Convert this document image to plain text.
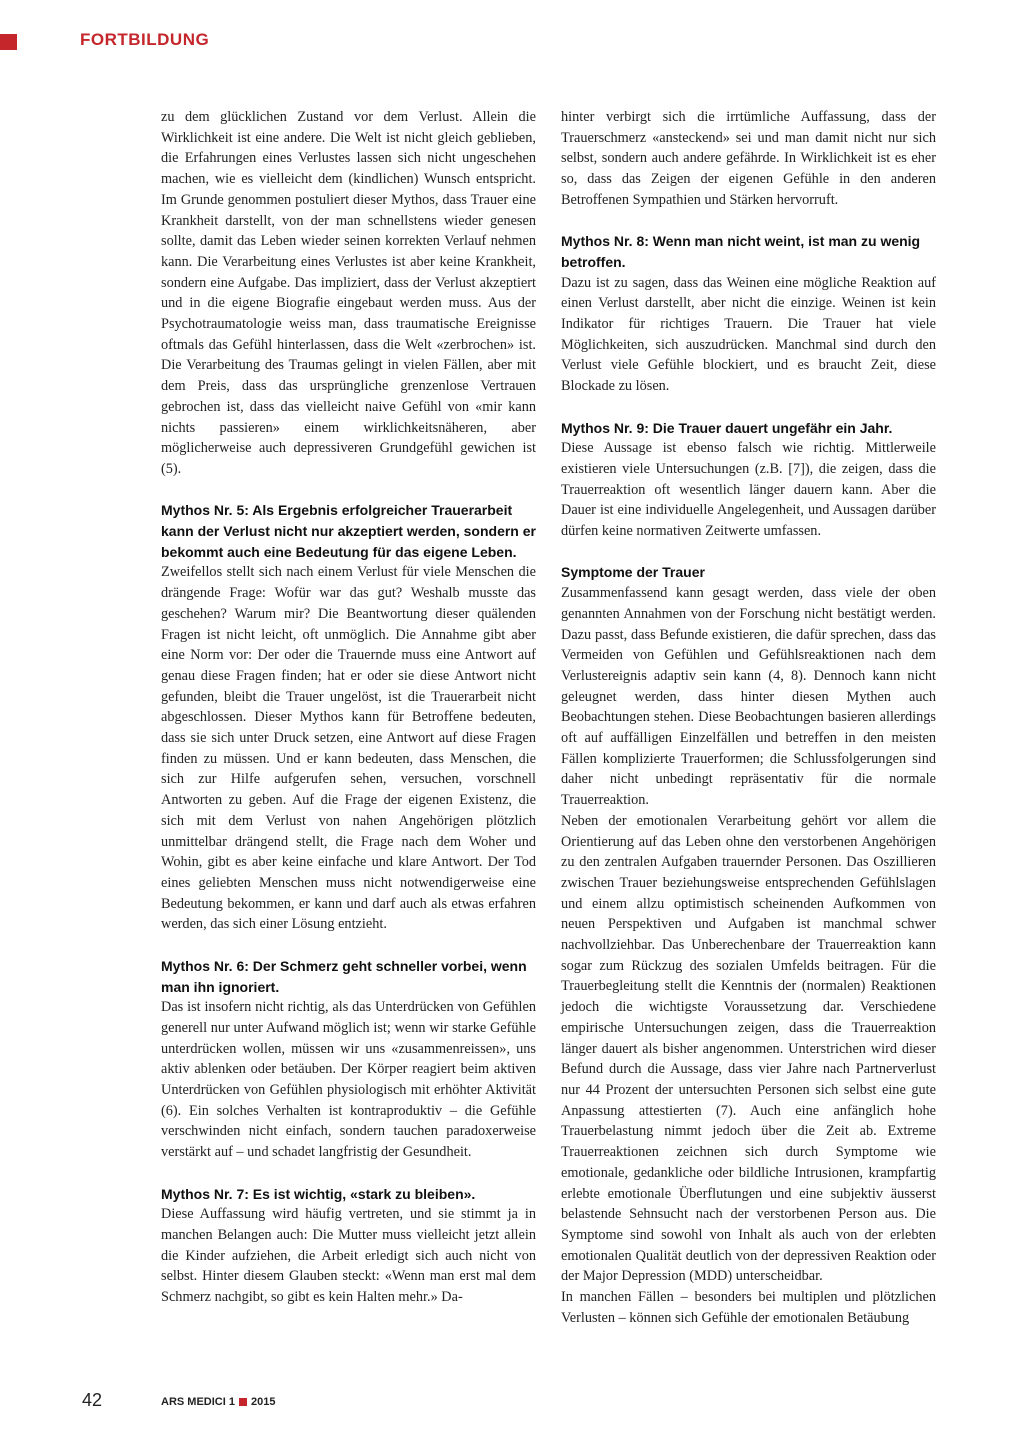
FORTBILDUNG

zu dem glücklichen Zustand vor dem Verlust. Allein die Wirklichkeit ist eine andere. Die Welt ist nicht gleich geblieben, die Erfahrungen eines Verlustes lassen sich nicht ungeschehen machen, wie es vielleicht dem (kindlichen) Wunsch entspricht. Im Grunde genommen postuliert dieser Mythos, dass Trauer eine Krankheit darstellt, von der man schnellstens wieder genesen sollte, damit das Leben wieder seinen korrekten Verlauf nehmen kann. Die Verarbeitung eines Verlustes ist aber keine Krankheit, sondern eine Aufgabe. Das impliziert, dass der Verlust akzeptiert und in die eigene Biografie eingebaut werden muss. Aus der Psychotraumatologie weiss man, dass traumatische Ereignisse oftmals das Gefühl hinterlassen, dass die Welt «zerbrochen» ist. Die Verarbeitung des Traumas gelingt in vielen Fällen, aber mit dem Preis, dass das ursprüngliche grenzenlose Vertrauen gebrochen ist, dass das vielleicht naive Gefühl von «mir kann nichts passieren» einem wirklichkeitsnäheren, aber möglicherweise auch depressiveren Grundgefühl gewichen ist (5).

Mythos Nr. 5: Als Ergebnis erfolgreicher Trauerarbeit kann der Verlust nicht nur akzeptiert werden, sondern er bekommt auch eine Bedeutung für das eigene Leben.

Zweifellos stellt sich nach einem Verlust für viele Menschen die drängende Frage: Wofür war das gut? Weshalb musste das geschehen? Warum mir? Die Beantwortung dieser quälenden Fragen ist nicht leicht, oft unmöglich. Die Annahme gibt aber eine Norm vor: Der oder die Trauernde muss eine Antwort auf genau diese Fragen finden; hat er oder sie diese Antwort nicht gefunden, bleibt die Trauer ungelöst, ist die Trauerarbeit nicht abgeschlossen. Dieser Mythos kann für Betroffene bedeuten, dass sie sich unter Druck setzen, eine Antwort auf diese Fragen finden zu müssen. Und er kann bedeuten, dass Menschen, die sich zur Hilfe aufgerufen sehen, versuchen, vorschnell Antworten zu geben. Auf die Frage der eigenen Existenz, die sich mit dem Verlust von nahen Angehörigen plötzlich unmittelbar drängend stellt, die Frage nach dem Woher und Wohin, gibt es aber keine einfache und klare Antwort. Der Tod eines geliebten Menschen muss nicht notwendigerweise eine Bedeutung bekommen, er kann und darf auch als etwas erfahren werden, das sich einer Lösung entzieht.

Mythos Nr. 6: Der Schmerz geht schneller vorbei, wenn man ihn ignoriert.

Das ist insofern nicht richtig, als das Unterdrücken von Gefühlen generell nur unter Aufwand möglich ist; wenn wir starke Gefühle unterdrücken wollen, müssen wir uns «zusammenreissen», uns aktiv ablenken oder betäuben. Der Körper reagiert beim aktiven Unterdrücken von Gefühlen physiologisch mit erhöhter Aktivität (6). Ein solches Verhalten ist kontraproduktiv – die Gefühle verschwinden nicht einfach, sondern tauchen paradoxerweise verstärkt auf – und schadet langfristig der Gesundheit.

Mythos Nr. 7: Es ist wichtig, «stark zu bleiben».

Diese Auffassung wird häufig vertreten, und sie stimmt ja in manchen Belangen auch: Die Mutter muss vielleicht jetzt allein die Kinder aufziehen, die Arbeit erledigt sich auch nicht von selbst. Hinter diesem Glauben steckt: «Wenn man erst mal dem Schmerz nachgibt, so gibt es kein Halten mehr.» Da-

hinter verbirgt sich die irrtümliche Auffassung, dass der Trauerschmerz «ansteckend» sei und man damit nicht nur sich selbst, sondern auch andere gefährde. In Wirklichkeit ist es eher so, dass das Zeigen der eigenen Gefühle in den anderen Betroffenen Sympathien und Stärken hervorruft.

Mythos Nr. 8: Wenn man nicht weint, ist man zu wenig betroffen.

Dazu ist zu sagen, dass das Weinen eine mögliche Reaktion auf einen Verlust darstellt, aber nicht die einzige. Weinen ist kein Indikator für richtiges Trauern. Die Trauer hat viele Möglichkeiten, sich auszudrücken. Manchmal sind durch den Verlust viele Gefühle blockiert, und es braucht Zeit, diese Blockade zu lösen.

Mythos Nr. 9: Die Trauer dauert ungefähr ein Jahr.

Diese Aussage ist ebenso falsch wie richtig. Mittlerweile existieren viele Untersuchungen (z.B. [7]), die zeigen, dass die Trauerreaktion oft wesentlich länger dauern kann. Aber die Dauer ist eine individuelle Angelegenheit, und Aussagen darüber dürfen keine normativen Zeitwerte umfassen.

Symptome der Trauer

Zusammenfassend kann gesagt werden, dass viele der oben genannten Annahmen von der Forschung nicht bestätigt werden. Dazu passt, dass Befunde existieren, die dafür sprechen, dass das Vermeiden von Gefühlen und Gefühlsreaktionen nach dem Verlustereignis adaptiv sein kann (4, 8). Dennoch kann nicht geleugnet werden, dass hinter diesen Mythen auch Beobachtungen stehen. Diese Beobachtungen basieren allerdings oft auf auffälligen Einzelfällen und betreffen in den meisten Fällen komplizierte Trauerformen; die Schlussfolgerungen sind daher nicht unbedingt repräsentativ für die normale Trauerreaktion.

Neben der emotionalen Verarbeitung gehört vor allem die Orientierung auf das Leben ohne den verstorbenen Angehörigen zu den zentralen Aufgaben trauernder Personen. Das Oszillieren zwischen Trauer beziehungsweise entsprechenden Gefühlslagen und einem allzu optimistisch scheinenden Aufkommen von neuen Perspektiven und Aufgaben ist manchmal schwer nachvollziehbar. Das Unberechenbare der Trauerreaktion kann sogar zum Rückzug des sozialen Umfelds beitragen. Für die Trauerbegleitung stellt die Kenntnis der (normalen) Reaktionen jedoch die wichtigste Voraussetzung dar. Verschiedene empirische Untersuchungen zeigen, dass die Trauerreaktion länger dauert als bisher angenommen. Unterstrichen wird dieser Befund durch die Aussage, dass vier Jahre nach Partnerverlust nur 44 Prozent der untersuchten Personen sich selbst eine gute Anpassung attestierten (7). Auch eine anfänglich hohe Trauerbelastung nimmt jedoch über die Zeit ab. Extreme Trauerreaktionen zeichnen sich durch Symptome wie emotionale, gedankliche oder bildliche Intrusionen, krampfartig erlebte emotionale Überflutungen und eine subjektiv äusserst belastende Sehnsucht nach der verstorbenen Person aus. Die Symptome sind sowohl von Inhalt als auch von der erlebten emotionalen Qualität deutlich von der depressiven Reaktion oder der Major Depression (MDD) unterscheidbar.

In manchen Fällen – besonders bei multiplen und plötzlichen Verlusten – können sich Gefühle der emotionalen Betäubung

42	ARS MEDICI 1 2015
